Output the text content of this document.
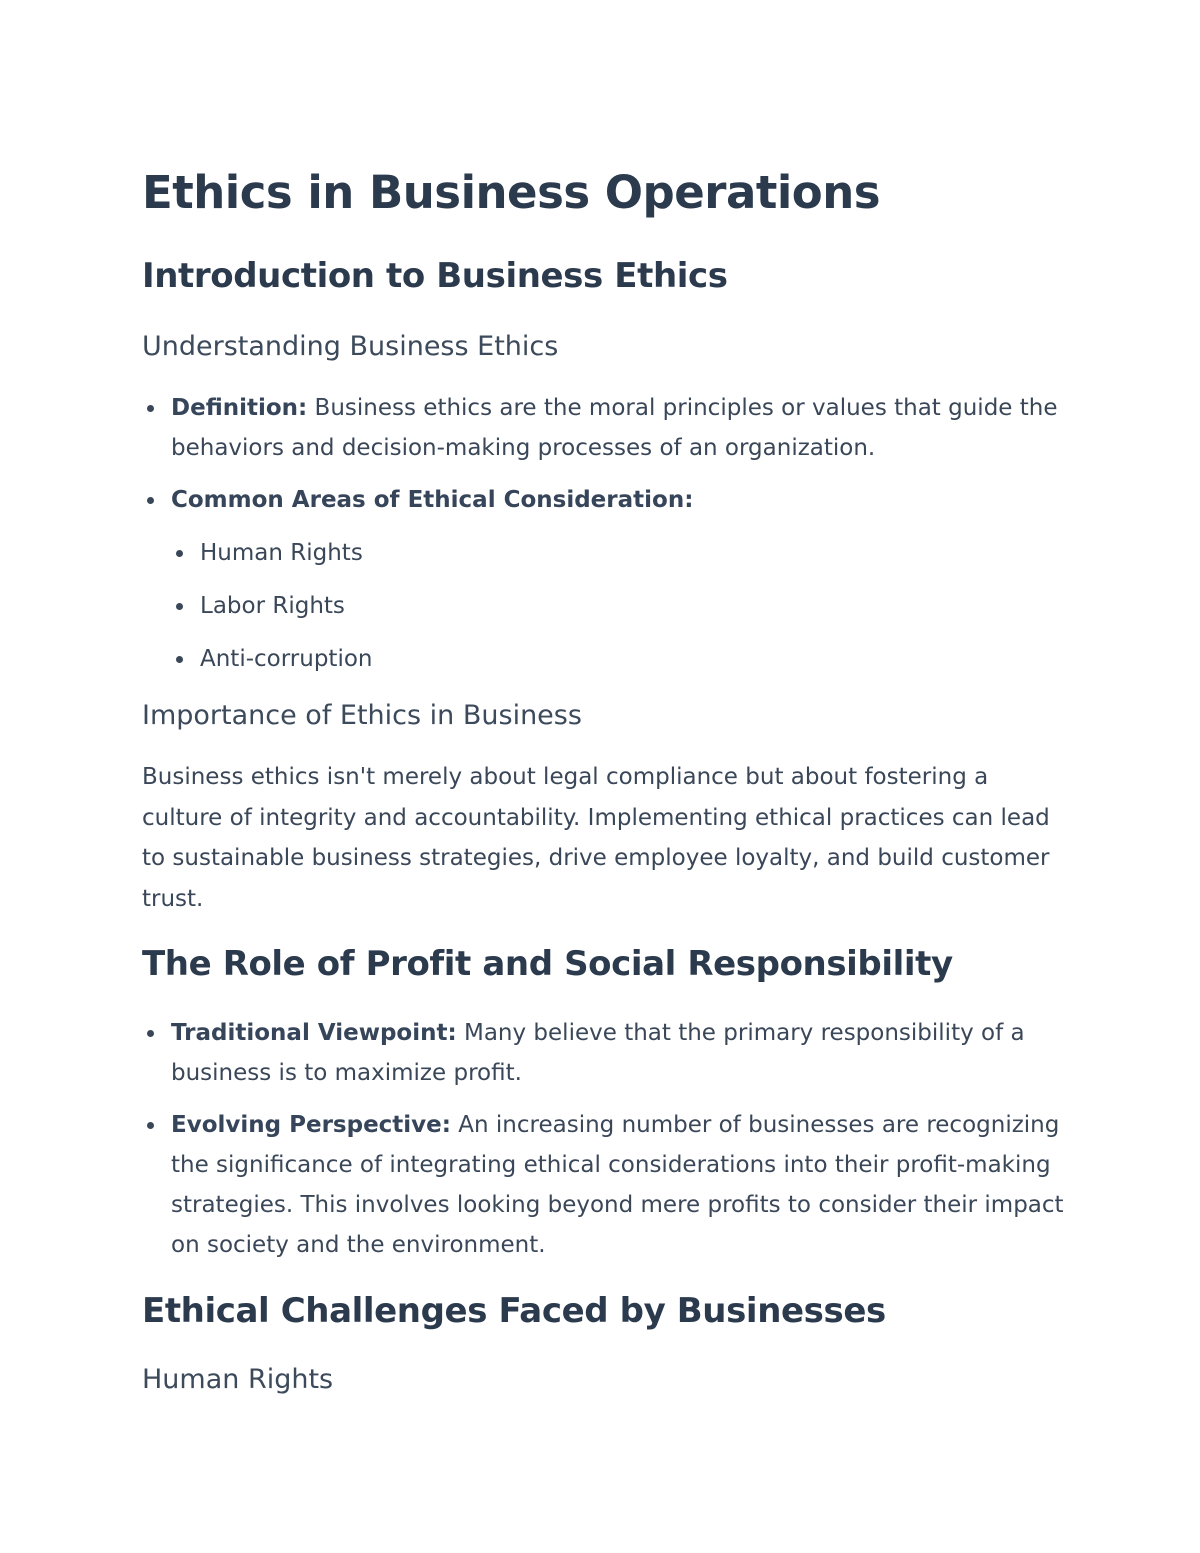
Ethics in Business Operations
Introduction to Business Ethics
Understanding Business Ethics
Definition: Business ethics are the moral principles or values that guide the behaviors and decision-making processes of an organization.
Common Areas of Ethical Consideration:
Human Rights
Labor Rights
Anti-corruption
Importance of Ethics in Business

Business ethics isn't merely about legal compliance but about fostering a culture of integrity and accountability. Implementing ethical practices can lead to sustainable business strategies, drive employee loyalty, and build customer trust.

The Role of Profit and Social Responsibility
Traditional Viewpoint: Many believe that the primary responsibility of a business is to maximize profit.
Evolving Perspective: An increasing number of businesses are recognizing the significance of integrating ethical considerations into their profit-making strategies. This involves looking beyond mere profits to consider their impact on society and the environment.
Ethical Challenges Faced by Businesses
Human Rights
